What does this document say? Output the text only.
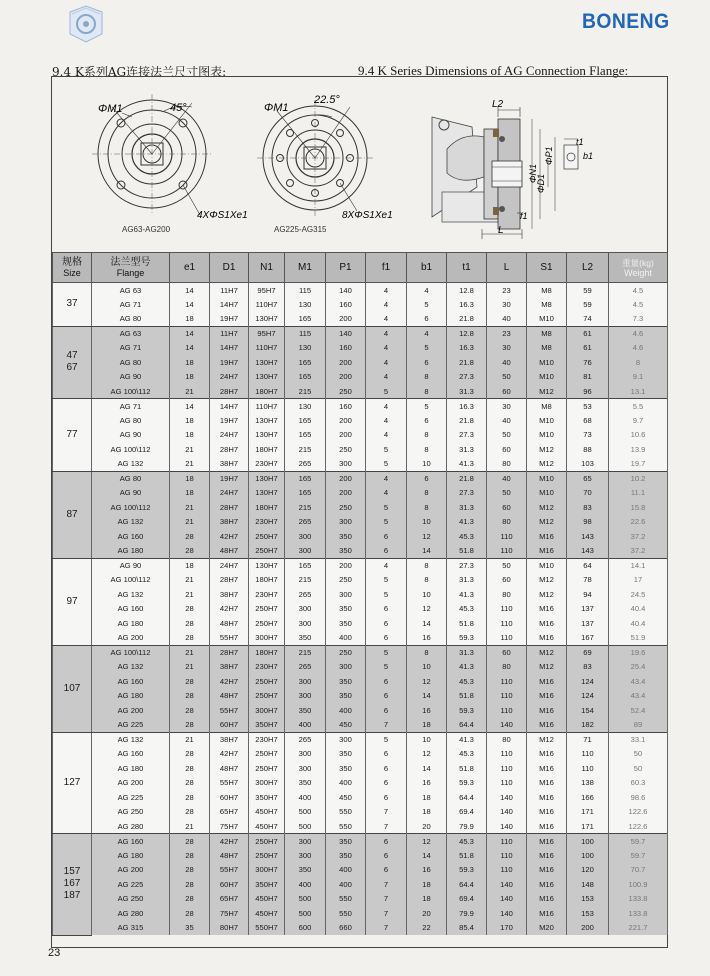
BONENG
9.4 K系列AG连接法兰尺寸图表:	9.4 K Series Dimensions of AG Connection Flange:
ΦM1	45°
4XΦS1Xe1
AG63-AG200
ΦM1
22.5°
8XΦS1Xe1
AG225-AG315
L2
ΦN1
ΦD1
ΦP1
t1
b1
f1
L
规格
Size	法兰型号
Flange	e1	D1	N1	M1	P1	f1	b1	t1	L	S1	L2	重量(kg)
Weight

37	AG 63	14	11H7	95H7	115	140	4	4	12.8	23	M8	59	4.5
	AG 71	14	14H7	110H7	130	160	4	5	16.3	30	M8	59	4.5
	AG 80	18	19H7	130H7	165	200	4	6	21.8	40	M10	74	7.3
47
67	AG 63	14	11H7	95H7	115	140	4	4	12.8	23	M8	61	4.6
	AG 71	14	14H7	110H7	130	160	4	5	16.3	30	M8	61	4.6
	AG 80	18	19H7	130H7	165	200	4	6	21.8	40	M10	76	8
	AG 90	18	24H7	130H7	165	200	4	8	27.3	50	M10	81	9.1
	AG 100\112	21	28H7	180H7	215	250	5	8	31.3	60	M12	96	13.1
77	AG 71	14	14H7	110H7	130	160	4	5	16.3	30	M8	53	5.5
	AG 80	18	19H7	130H7	165	200	4	6	21.8	40	M10	68	9.7
	AG 90	18	24H7	130H7	165	200	4	8	27.3	50	M10	73	10.6
	AG 100\112	21	28H7	180H7	215	250	5	8	31.3	60	M12	88	13.9
	AG 132	21	38H7	230H7	265	300	5	10	41.3	80	M12	103	19.7
87	AG 80	18	19H7	130H7	165	200	4	6	21.8	40	M10	65	10.2
	AG 90	18	24H7	130H7	165	200	4	8	27.3	50	M10	70	11.1
	AG 100\112	21	28H7	180H7	215	250	5	8	31.3	60	M12	83	15.8
	AG 132	21	38H7	230H7	265	300	5	10	41.3	80	M12	98	22.6
	AG 160	28	42H7	250H7	300	350	6	12	45.3	110	M16	143	37.2
	AG 180	28	48H7	250H7	300	350	6	14	51.8	110	M16	143	37.2
97	AG 90	18	24H7	130H7	165	200	4	8	27.3	50	M10	64	14.1
	AG 100\112	21	28H7	180H7	215	250	5	8	31.3	60	M12	78	17
	AG 132	21	38H7	230H7	265	300	5	10	41.3	80	M12	94	24.5
	AG 160	28	42H7	250H7	300	350	6	12	45.3	110	M16	137	40.4
	AG 180	28	48H7	250H7	300	350	6	14	51.8	110	M16	137	40.4
	AG 200	28	55H7	300H7	350	400	6	16	59.3	110	M16	167	51.9
107	AG 100\112	21	28H7	180H7	215	250	5	8	31.3	60	M12	69	19.6
	AG 132	21	38H7	230H7	265	300	5	10	41.3	80	M12	83	25.4
	AG 160	28	42H7	250H7	300	350	6	12	45.3	110	M16	124	43.4
	AG 180	28	48H7	250H7	300	350	6	14	51.8	110	M16	124	43.4
	AG 200	28	55H7	300H7	350	400	6	16	59.3	110	M16	154	52.4
	AG 225	28	60H7	350H7	400	450	7	18	64.4	140	M16	182	89
127	AG 132	21	38H7	230H7	265	300	5	10	41.3	80	M12	71	33.1
	AG 160	28	42H7	250H7	300	350	6	12	45.3	110	M16	110	50
	AG 180	28	48H7	250H7	300	350	6	14	51.8	110	M16	110	50
	AG 200	28	55H7	300H7	350	400	6	16	59.3	110	M16	138	60.3
	AG 225	28	60H7	350H7	400	450	6	18	64.4	140	M16	166	98.6
	AG 250	28	65H7	450H7	500	550	7	18	69.4	140	M16	171	122.6
	AG 280	21	75H7	450H7	500	550	7	20	79.9	140	M16	171	122.6
157
167
187	AG 160	28	42H7	250H7	300	350	6	12	45.3	110	M16	100	59.7
	AG 180	28	48H7	250H7	300	350	6	14	51.8	110	M16	100	59.7
	AG 200	28	55H7	300H7	350	400	6	16	59.3	110	M16	120	70.7
	AG 225	28	60H7	350H7	400	400	7	18	64.4	140	M16	148	100.9
	AG 250	28	65H7	450H7	500	550	7	18	69.4	140	M16	153	133.8
	AG 280	28	75H7	450H7	500	550	7	20	79.9	140	M16	153	133.8
	AG 315	35	80H7	550H7	600	660	7	22	85.4	170	M20	200	221.7
23
